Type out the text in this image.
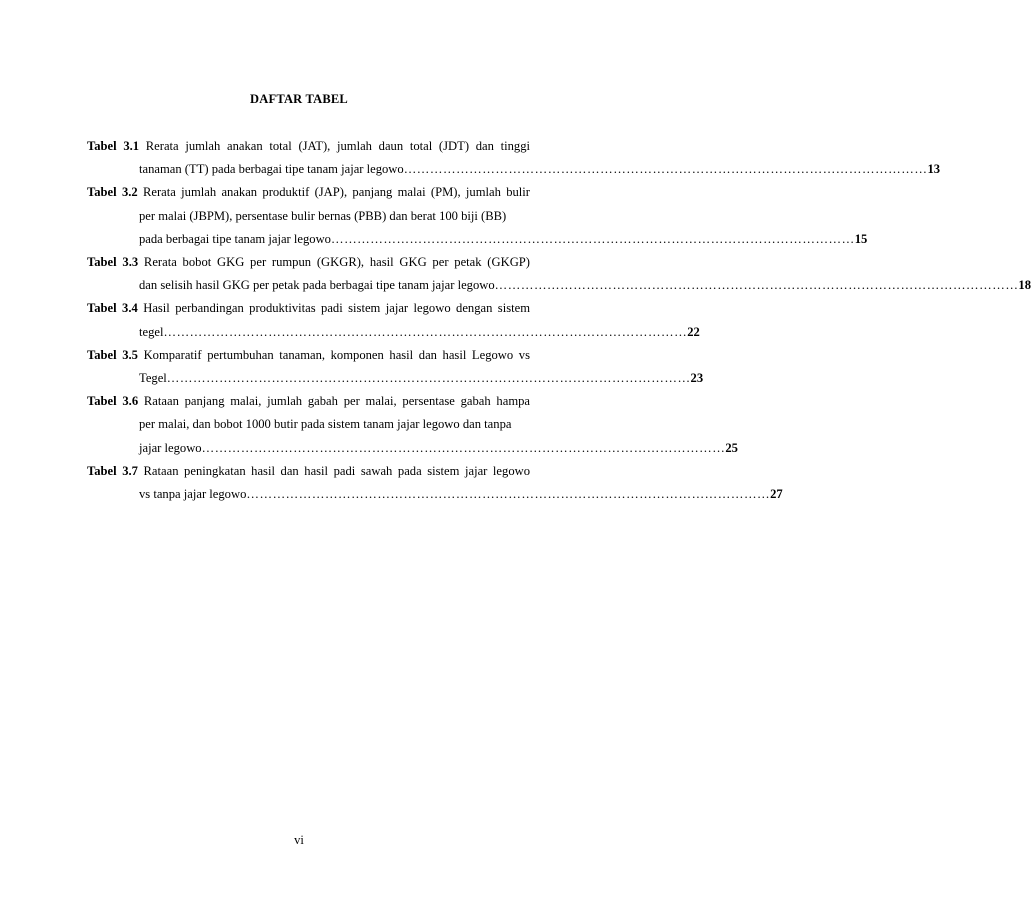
DAFTAR TABEL
Tabel 3.1 Rerata jumlah anakan total (JAT), jumlah daun total (JDT) dan tinggi
tanaman (TT) pada berbagai tipe tanam jajar legowo ………………………………………………………………………………………………………… 13
Tabel 3.2 Rerata jumlah anakan produktif (JAP), panjang malai (PM), jumlah bulir
per malai (JBPM), persentase bulir bernas (PBB) dan berat 100 biji (BB)
pada berbagai tipe tanam jajar legowo ………………………………………………………………………………………………………… 15
Tabel 3.3 Rerata bobot GKG per rumpun (GKGR), hasil GKG per petak (GKGP)
dan selisih hasil GKG per petak pada berbagai tipe tanam jajar legowo ………………………………………………………………………………………………………… 18
Tabel 3.4 Hasil perbandingan produktivitas padi sistem jajar legowo dengan sistem
tegel ………………………………………………………………………………………………………… 22
Tabel 3.5 Komparatif pertumbuhan tanaman, komponen hasil dan hasil Legowo vs
Tegel ………………………………………………………………………………………………………… 23
Tabel 3.6 Rataan panjang malai, jumlah gabah per malai, persentase gabah hampa
per malai, dan bobot 1000 butir pada sistem tanam jajar legowo dan tanpa
jajar legowo ………………………………………………………………………………………………………… 25
Tabel 3.7 Rataan peningkatan hasil dan hasil padi sawah pada sistem jajar legowo
vs tanpa jajar legowo ………………………………………………………………………………………………………… 27
vi
